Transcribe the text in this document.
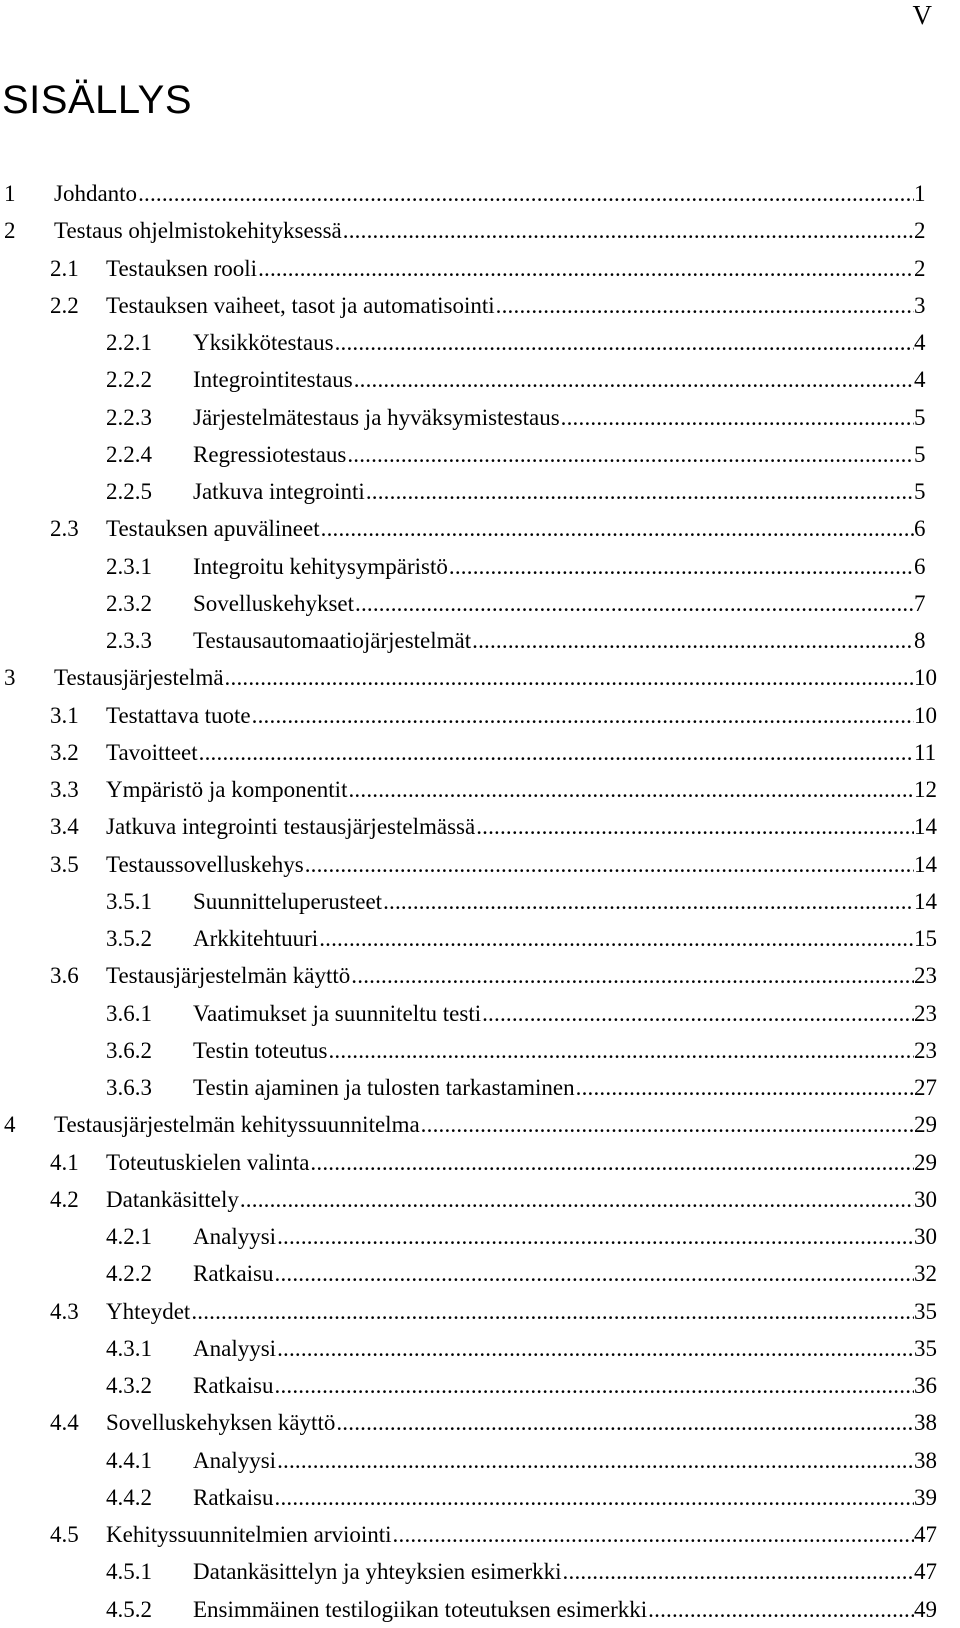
V
SISÄLLYS
1 Johdanto .....	1
2 Testaus ohjelmistokehityksessä .....	2
2.1 Testauksen rooli .....	2
2.2 Testauksen vaiheet, tasot ja automatisointi .....	3
2.2.1 Yksikkötestaus .....	4
2.2.2 Integrointitestaus .....	4
2.2.3 Järjestelmätestaus ja hyväksymistestaus .....	5
2.2.4 Regressiotestaus .....	5
2.2.5 Jatkuva integrointi .....	5
2.3 Testauksen apuvälineet .....	6
2.3.1 Integroitu kehitysympäristö .....	6
2.3.2 Sovelluskehykset .....	7
2.3.3 Testausautomaatiojärjestelmät .....	8
3 Testausjärjestelmä .....	10
3.1 Testattava tuote .....	10
3.2 Tavoitteet .....	11
3.3 Ympäristö ja komponentit .....	12
3.4 Jatkuva integrointi testausjärjestelmässä .....	14
3.5 Testaussovelluskehys .....	14
3.5.1 Suunnitteluperusteet .....	14
3.5.2 Arkkitehtuuri .....	15
3.6 Testausjärjestelmän käyttö .....	23
3.6.1 Vaatimukset ja suunniteltu testi .....	23
3.6.2 Testin toteutus .....	23
3.6.3 Testin ajaminen ja tulosten tarkastaminen .....	27
4 Testausjärjestelmän kehityssuunnitelma .....	29
4.1 Toteutuskielen valinta .....	29
4.2 Datankäsittely .....	30
4.2.1 Analyysi .....	30
4.2.2 Ratkaisu .....	32
4.3 Yhteydet .....	35
4.3.1 Analyysi .....	35
4.3.2 Ratkaisu .....	36
4.4 Sovelluskehyksen käyttö .....	38
4.4.1 Analyysi .....	38
4.4.2 Ratkaisu .....	39
4.5 Kehityssuunnitelmien arviointi .....	47
4.5.1 Datankäsittelyn ja yhteyksien esimerkki .....	47
4.5.2 Ensimmäinen testilogiikan toteutuksen esimerkki .....	49
